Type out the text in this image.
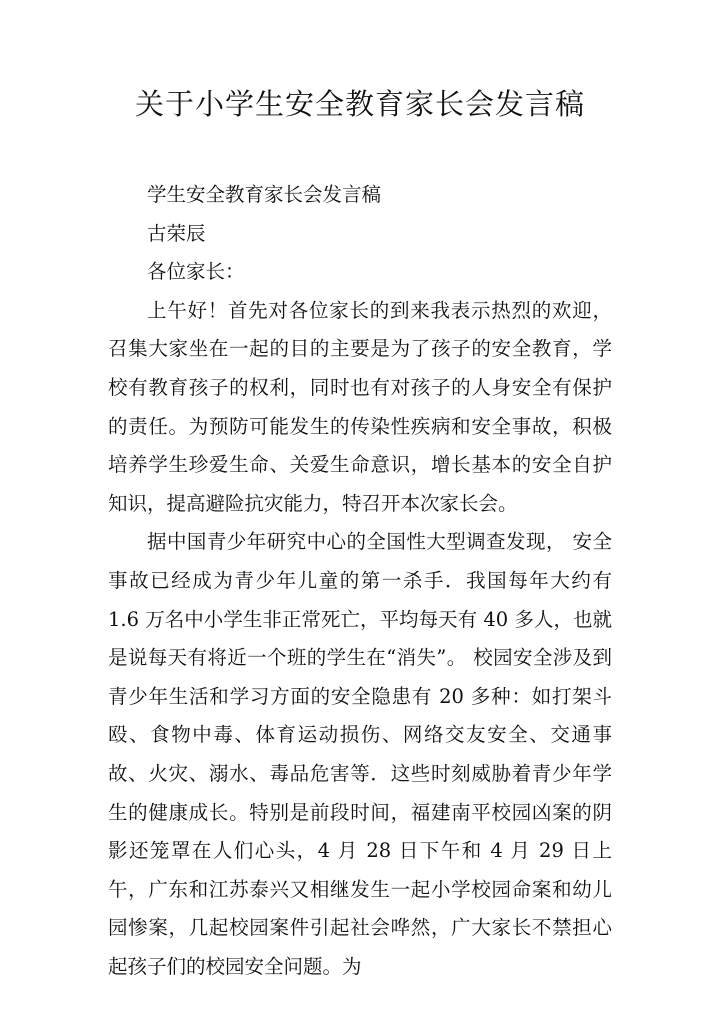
关于小学生安全教育家长会发言稿

学生安全教育家长会发言稿

古荣辰

各位家长：

上午好！首先对各位家长的到来我表示热烈的欢迎，召集大家坐在一起的目的主要是为了孩子的安全教育，学校有教育孩子的权利，同时也有对孩子的人身安全有保护的责任。为预防可能发生的传染性疾病和安全事故，积极培养学生珍爱生命、关爱生命意识，增长基本的安全自护知识，提高避险抗灾能力，特召开本次家长会。

据中国青少年研究中心的全国性大型调查发现， 安全事故已经成为青少年儿童的第一杀手．我国每年大约有 1.6 万名中小学生非正常死亡，平均每天有 40 多人，也就是说每天有将近一个班的学生在“消失”。 校园安全涉及到青少年生活和学习方面的安全隐患有 20 多种：如打架斗殴、食物中毒、体育运动损伤、网络交友安全、交通事故、火灾、溺水、毒品危害等．这些时刻威胁着青少年学生的健康成长。特别是前段时间，福建南平校园凶案的阴影还笼罩在人们心头，4 月 28 日下午和 4 月 29 日上午，广东和江苏泰兴又相继发生一起小学校园命案和幼儿园惨案，几起校园案件引起社会哗然，广大家长不禁担心起孩子们的校园安全问题。为
